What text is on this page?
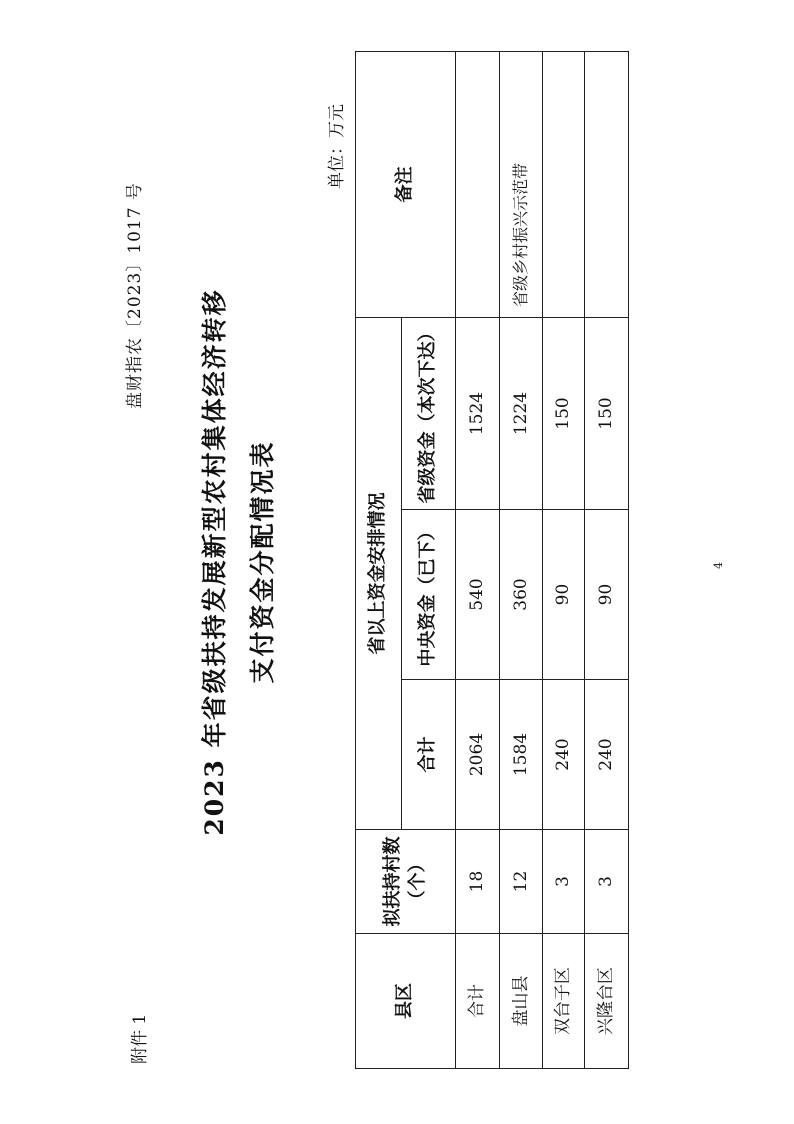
附件 1
盘财指农〔2023〕1017 号 2023 年省级扶持发展新型农村集体经济转移 支付资金分配情况表
单位：万元
县区	拟扶持村数（个）	省以上资金安排情况			备注
		合计	中央资金（已下）	省级资金（本次下达）	
合计	18	2064	540	1524	
盘山县	12	1584	360	1224	省级乡村振兴示范带
双台子区	3	240	90	150	
兴隆台区	3	240	90	150	
4
